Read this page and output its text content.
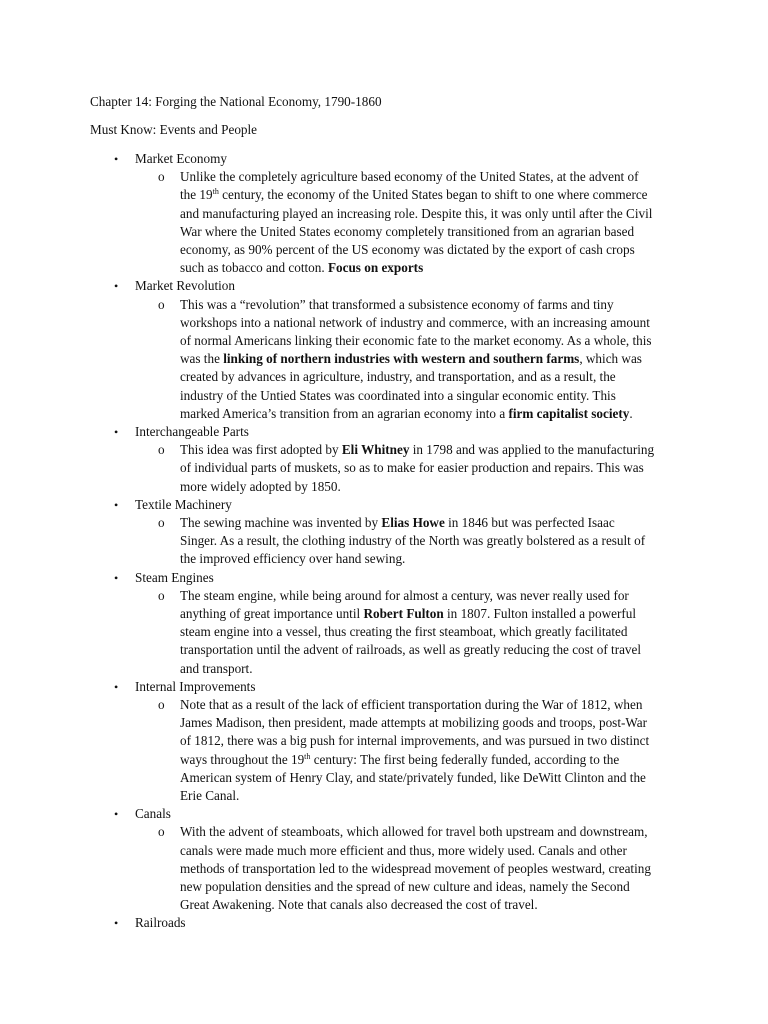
Chapter 14: Forging the National Economy, 1790-1860
Must Know: Events and People
• Market Economy
o Unlike the completely agriculture based economy of the United States, at the advent of
the 19th century, the economy of the United States began to shift to one where commerce
and manufacturing played an increasing role. Despite this, it was only until after the Civil
War where the United States economy completely transitioned from an agrarian based
economy, as 90% percent of the US economy was dictated by the export of cash crops
such as tobacco and cotton. Focus on exports
• Market Revolution
o This was a “revolution” that transformed a subsistence economy of farms and tiny
workshops into a national network of industry and commerce, with an increasing amount
of normal Americans linking their economic fate to the market economy. As a whole, this
was the linking of northern industries with western and southern farms, which was
created by advances in agriculture, industry, and transportation, and as a result, the
industry of the Untied States was coordinated into a singular economic entity. This
marked America’s transition from an agrarian economy into a firm capitalist society.
• Interchangeable Parts
o This idea was first adopted by Eli Whitney in 1798 and was applied to the manufacturing
of individual parts of muskets, so as to make for easier production and repairs. This was
more widely adopted by 1850.
• Textile Machinery
o The sewing machine was invented by Elias Howe in 1846 but was perfected Isaac
Singer. As a result, the clothing industry of the North was greatly bolstered as a result of
the improved efficiency over hand sewing.
• Steam Engines
o The steam engine, while being around for almost a century, was never really used for
anything of great importance until Robert Fulton in 1807. Fulton installed a powerful
steam engine into a vessel, thus creating the first steamboat, which greatly facilitated
transportation until the advent of railroads, as well as greatly reducing the cost of travel
and transport.
• Internal Improvements
o Note that as a result of the lack of efficient transportation during the War of 1812, when
James Madison, then president, made attempts at mobilizing goods and troops, post-War
of 1812, there was a big push for internal improvements, and was pursued in two distinct
ways throughout the 19th century: The first being federally funded, according to the
American system of Henry Clay, and state/privately funded, like DeWitt Clinton and the
Erie Canal.
• Canals
o With the advent of steamboats, which allowed for travel both upstream and downstream,
canals were made much more efficient and thus, more widely used. Canals and other
methods of transportation led to the widespread movement of peoples westward, creating
new population densities and the spread of new culture and ideas, namely the Second
Great Awakening. Note that canals also decreased the cost of travel.
• Railroads
